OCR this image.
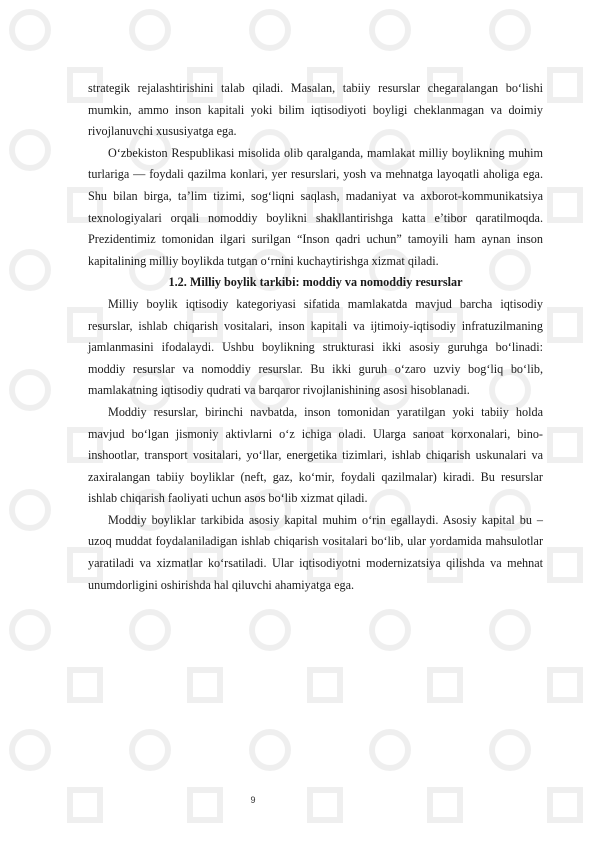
strategik rejalashtirishini talab qiladi. Masalan, tabiiy resurslar chegaralangan bo‘lishi mumkin, ammo inson kapitali yoki bilim iqtisodiyoti boyligi cheklanmagan va doimiy rivojlanuvchi xususiyatga ega.

O‘zbekiston Respublikasi misolida olib qaralganda, mamlakat milliy boylikning muhim turlariga — foydali qazilma konlari, yer resurslari, yosh va mehnatga layoqatli aholiga ega. Shu bilan birga, ta’lim tizimi, sog‘liqni saqlash, madaniyat va axborot-kommunikatsiya texnologiyalari orqali nomoddiy boylikni shakllantirishga katta e’tibor qaratilmoqda. Prezidentimiz tomonidan ilgari surilgan “Inson qadri uchun” tamoyili ham aynan inson kapitalining milliy boylikda tutgan o‘rnini kuchaytirishga xizmat qiladi.

1.2. Milliy boylik tarkibi: moddiy va nomoddiy resurslar

Milliy boylik iqtisodiy kategoriyasi sifatida mamlakatda mavjud barcha iqtisodiy resurslar, ishlab chiqarish vositalari, inson kapitali va ijtimoiy-iqtisodiy infratuzilmaning jamlanmasini ifodalaydi. Ushbu boylikning strukturasi ikki asosiy guruhga bo‘linadi: moddiy resurslar va nomoddiy resurslar. Bu ikki guruh o‘zaro uzviy bog‘liq bo‘lib, mamlakatning iqtisodiy qudrati va barqaror rivojlanishining asosi hisoblanadi.

Moddiy resurslar, birinchi navbatda, inson tomonidan yaratilgan yoki tabiiy holda mavjud bo‘lgan jismoniy aktivlarni o‘z ichiga oladi. Ularga sanoat korxonalari, bino-inshootlar, transport vositalari, yo‘llar, energetika tizimlari, ishlab chiqarish uskunalari va zaxiralangan tabiiy boyliklar (neft, gaz, ko‘mir, foydali qazilmalar) kiradi. Bu resurslar ishlab chiqarish faoliyati uchun asos bo‘lib xizmat qiladi.

Moddiy boyliklar tarkibida asosiy kapital muhim o‘rin egallaydi. Asosiy kapital bu – uzoq muddat foydalaniladigan ishlab chiqarish vositalari bo‘lib, ular yordamida mahsulotlar yaratiladi va xizmatlar ko‘rsatiladi. Ular iqtisodiyotni modernizatsiya qilishda va mehnat unumdorligini oshirishda hal qiluvchi ahamiyatga ega.

9
